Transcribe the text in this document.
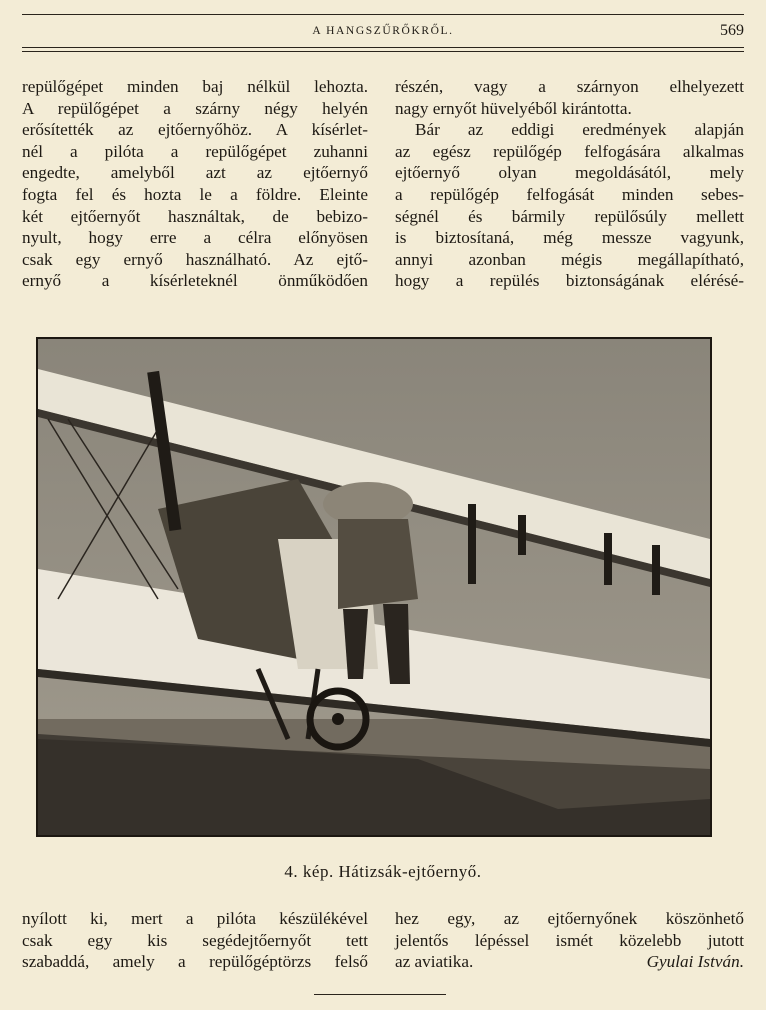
A HANGSZŰRŐKRŐL.	569
repülőgépet minden baj nélkül lehozta.
A repülőgépet a szárny négy helyén
erősítették az ejtőernyőhöz. A kísérlet-
nél a pilóta a repülőgépet zuhanni
engedte, amelyből azt az ejtőernyő
fogta fel és hozta le a földre. Eleinte
két ejtőernyőt használtak, de bebizo-
nyult, hogy erre a célra előnyösen
csak egy ernyő használható. Az ejtő-
ernyő a kísérleteknél önműködően
részén, vagy a szárnyon elhelyezett
nagy ernyőt hüvelyéből kirántotta.
Bár az eddigi eredmények alapján
az egész repülőgép felfogására alkalmas
ejtőernyő olyan megoldásától, mely
a repülőgép felfogását minden sebes-
ségnél és bármily repülősúly mellett
is biztosítaná, még messze vagyunk,
annyi azonban mégis megállapítható,
hogy a repülés biztonságának elérésé-
4. kép. Hátizsák-ejtőernyő.
nyílott ki, mert a pilóta készülékével
csak egy kis segédejtőernyőt tett
szabaddá, amely a repülőgéptörzs felső
hez egy, az ejtőernyőnek köszönhető
jelentős lépéssel ismét közelebb jutott
az aviatika.	Gyulai István.
